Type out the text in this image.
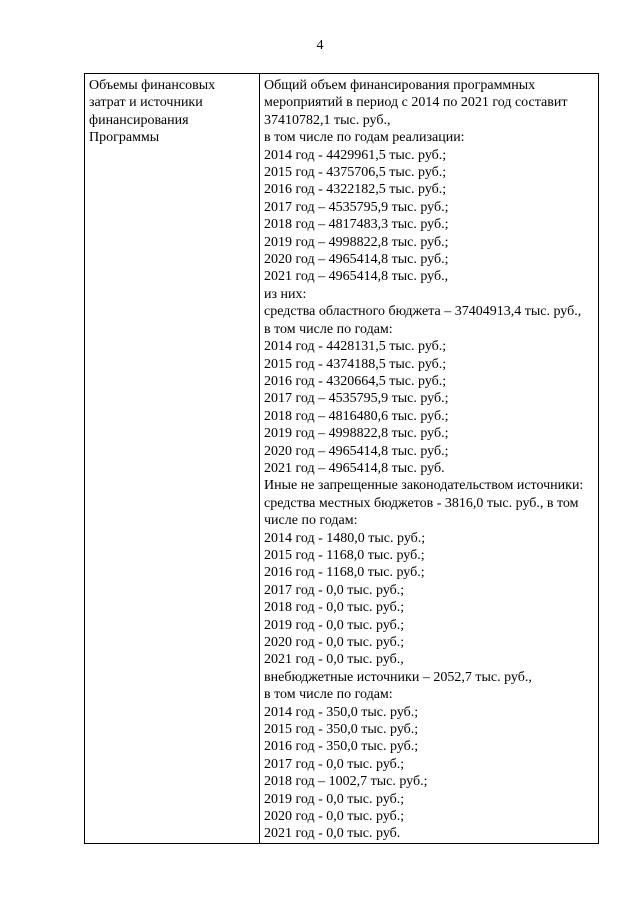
4
Объемы финансовых
затрат и источники
финансирования
Программы

Общий объем финансирования программных
мероприятий в период с 2014 по 2021 год составит
37410782,1 тыс. руб.,
в том числе по годам реализации:
2014 год - 4429961,5 тыс. руб.;
2015 год - 4375706,5 тыс. руб.;
2016 год - 4322182,5 тыс. руб.;
2017 год – 4535795,9 тыс. руб.;
2018 год – 4817483,3 тыс. руб.;
2019 год – 4998822,8 тыс. руб.;
2020 год – 4965414,8 тыс. руб.;
2021 год – 4965414,8 тыс. руб.,
из них:
средства областного бюджета – 37404913,4 тыс. руб.,
в том числе по годам:
2014 год - 4428131,5 тыс. руб.;
2015 год - 4374188,5 тыс. руб.;
2016 год - 4320664,5 тыс. руб.;
2017 год – 4535795,9 тыс. руб.;
2018 год – 4816480,6 тыс. руб.;
2019 год – 4998822,8 тыс. руб.;
2020 год – 4965414,8 тыс. руб.;
2021 год – 4965414,8 тыс. руб.
Иные не запрещенные законодательством источники:
средства местных бюджетов - 3816,0 тыс. руб., в том
числе по годам:
2014 год - 1480,0 тыс. руб.;
2015 год - 1168,0 тыс. руб.;
2016 год - 1168,0 тыс. руб.;
2017 год - 0,0 тыс. руб.;
2018 год - 0,0 тыс. руб.;
2019 год - 0,0 тыс. руб.;
2020 год - 0,0 тыс. руб.;
2021 год - 0,0 тыс. руб.,
внебюджетные источники – 2052,7 тыс. руб.,
в том числе по годам:
2014 год - 350,0 тыс. руб.;
2015 год - 350,0 тыс. руб.;
2016 год - 350,0 тыс. руб.;
2017 год - 0,0 тыс. руб.;
2018 год – 1002,7 тыс. руб.;
2019 год - 0,0 тыс. руб.;
2020 год - 0,0 тыс. руб.;
2021 год - 0,0 тыс. руб.
